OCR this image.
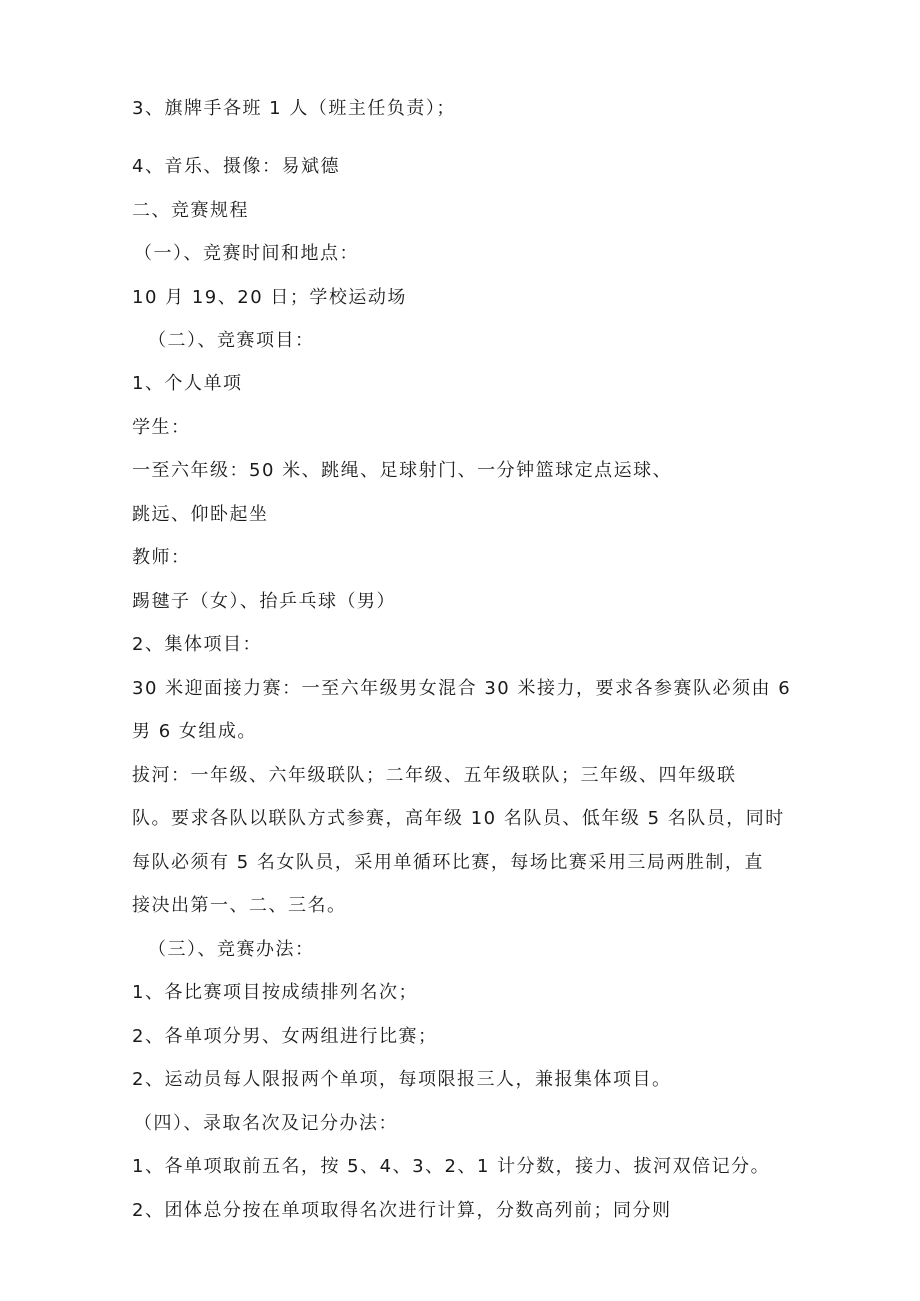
3、旗牌手各班 1 人（班主任负责）；
4、音乐、摄像：易斌德
二、竞赛规程
（一）、竞赛时间和地点：
10 月 19、20 日；学校运动场
（二）、竞赛项目：
1、个人单项
学生：
一至六年级：50 米、跳绳、足球射门、一分钟篮球定点运球、
跳远、仰卧起坐
教师：
踢毽子（女）、抬乒乓球（男）
2、集体项目：
30 米迎面接力赛：一至六年级男女混合 30 米接力，要求各参赛队必须由 6
男 6 女组成。
拔河：一年级、六年级联队；二年级、五年级联队；三年级、四年级联
队。要求各队以联队方式参赛，高年级 10 名队员、低年级 5 名队员，同时
每队必须有 5 名女队员，采用单循环比赛，每场比赛采用三局两胜制，直
接决出第一、二、三名。
（三）、竞赛办法：
1、各比赛项目按成绩排列名次；
2、各单项分男、女两组进行比赛；
2、运动员每人限报两个单项，每项限报三人，兼报集体项目。
（四）、录取名次及记分办法：
1、各单项取前五名，按 5、4、3、2、1 计分数，接力、拔河双倍记分。
2、团体总分按在单项取得名次进行计算，分数高列前；同分则
